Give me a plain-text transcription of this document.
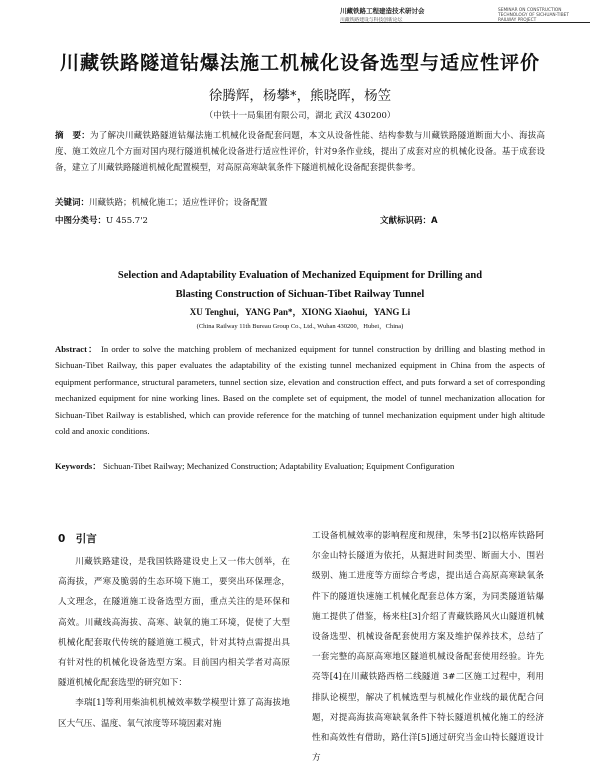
川藏铁路工程建造技术研讨会
川藏铁路建设与科技创新论坛
SEMINAR ON CONSTRUCTION TECHNOLOGY OF SICHUAN-TIBET RAILWAY PROJECT
川藏铁路隧道钻爆法施工机械化设备选型与适应性评价
徐腾辉，杨攀*，熊晓晖，杨笠
（中铁十一局集团有限公司，湖北 武汉 430200）
摘　要：为了解决川藏铁路隧道钻爆法施工机械化设备配套问题，本文从设备性能、结构参数与川藏铁路隧道断面大小、海拔高度、施工效应几个方面对国内现行隧道机械化设备进行适应性评价，针对9条作业线，提出了成套对应的机械化设备。基于成套设备，建立了川藏铁路隧道机械化配置模型，对高原高寒缺氧条件下隧道机械化设备配套提供参考。
关键词：川藏铁路；机械化施工；适应性评价；设备配置
中图分类号：U 455.7'2	文献标识码：A
Selection and Adaptability Evaluation of Mechanized Equipment for Drilling and
Blasting Construction of Sichuan-Tibet Railway Tunnel
XU Tenghui，YANG Pan*，XIONG Xiaohui，YANG Li
(China Railway 11th Bureau Group Co., Ltd., Wuhan 430200，Hubei，China)
Abstract： In order to solve the matching problem of mechanized equipment for tunnel construction by drilling and blasting method in Sichuan-Tibet Railway, this paper evaluates the adaptability of the existing tunnel mechanized equipment in China from the aspects of equipment performance, structural parameters, tunnel section size, elevation and construction effect, and puts forward a set of corresponding mechanized equipment for nine working lines. Based on the complete set of equipment, the model of tunnel mechanization allocation for Sichuan-Tibet Railway is established, which can provide reference for the matching of tunnel mechanization equipment under high altitude cold and anoxic conditions.
Keywords： Sichuan-Tibet Railway; Mechanized Construction; Adaptability Evaluation; Equipment Configuration
0　引言

川藏铁路建设，是我国铁路建设史上又一伟大创举，在高海拔，严寒及脆弱的生态环境下施工，要突出环保理念，人文理念，在隧道施工设备选型方面，重点关注的是环保和高效。川藏线高海拔、高寒、缺氧的施工环境，促使了大型机械化配套取代传统的隧道施工模式，针对其特点需提出具有针对性的机械化设备选型方案。目前国内相关学者对高原隧道机械化配套选型的研究如下：

李瑞[1]等利用柴油机机械效率数学模型计算了高海拔地区大气压、温度、氧气浓度等环境因素对施

工设备机械效率的影响程度和规律，朱琴书[2]以格库铁路阿尔金山特长隧道为依托，从掘进时间类型、断面大小、围岩级别、施工进度等方面综合考虑，提出适合高原高寒缺氧条件下的隧道快速施工机械化配套总体方案，为同类隧道钻爆施工提供了借鉴，杨来柱[3]介绍了青藏铁路风火山隧道机械设备选型、机械设备配套使用方案及维护保养技术，总结了一套完整的高原高寒地区隧道机械设备配套使用经验。许先亮等[4]在川藏铁路西格二线隧道 3#二区施工过程中，利用排队论模型，解决了机械选型与机械化作业线的最优配合问题，对提高海拔高寒缺氧条件下特长隧道机械化施工的经济性和高效性有借助，路仕洋[5]通过研究当金山特长隧道设计方
